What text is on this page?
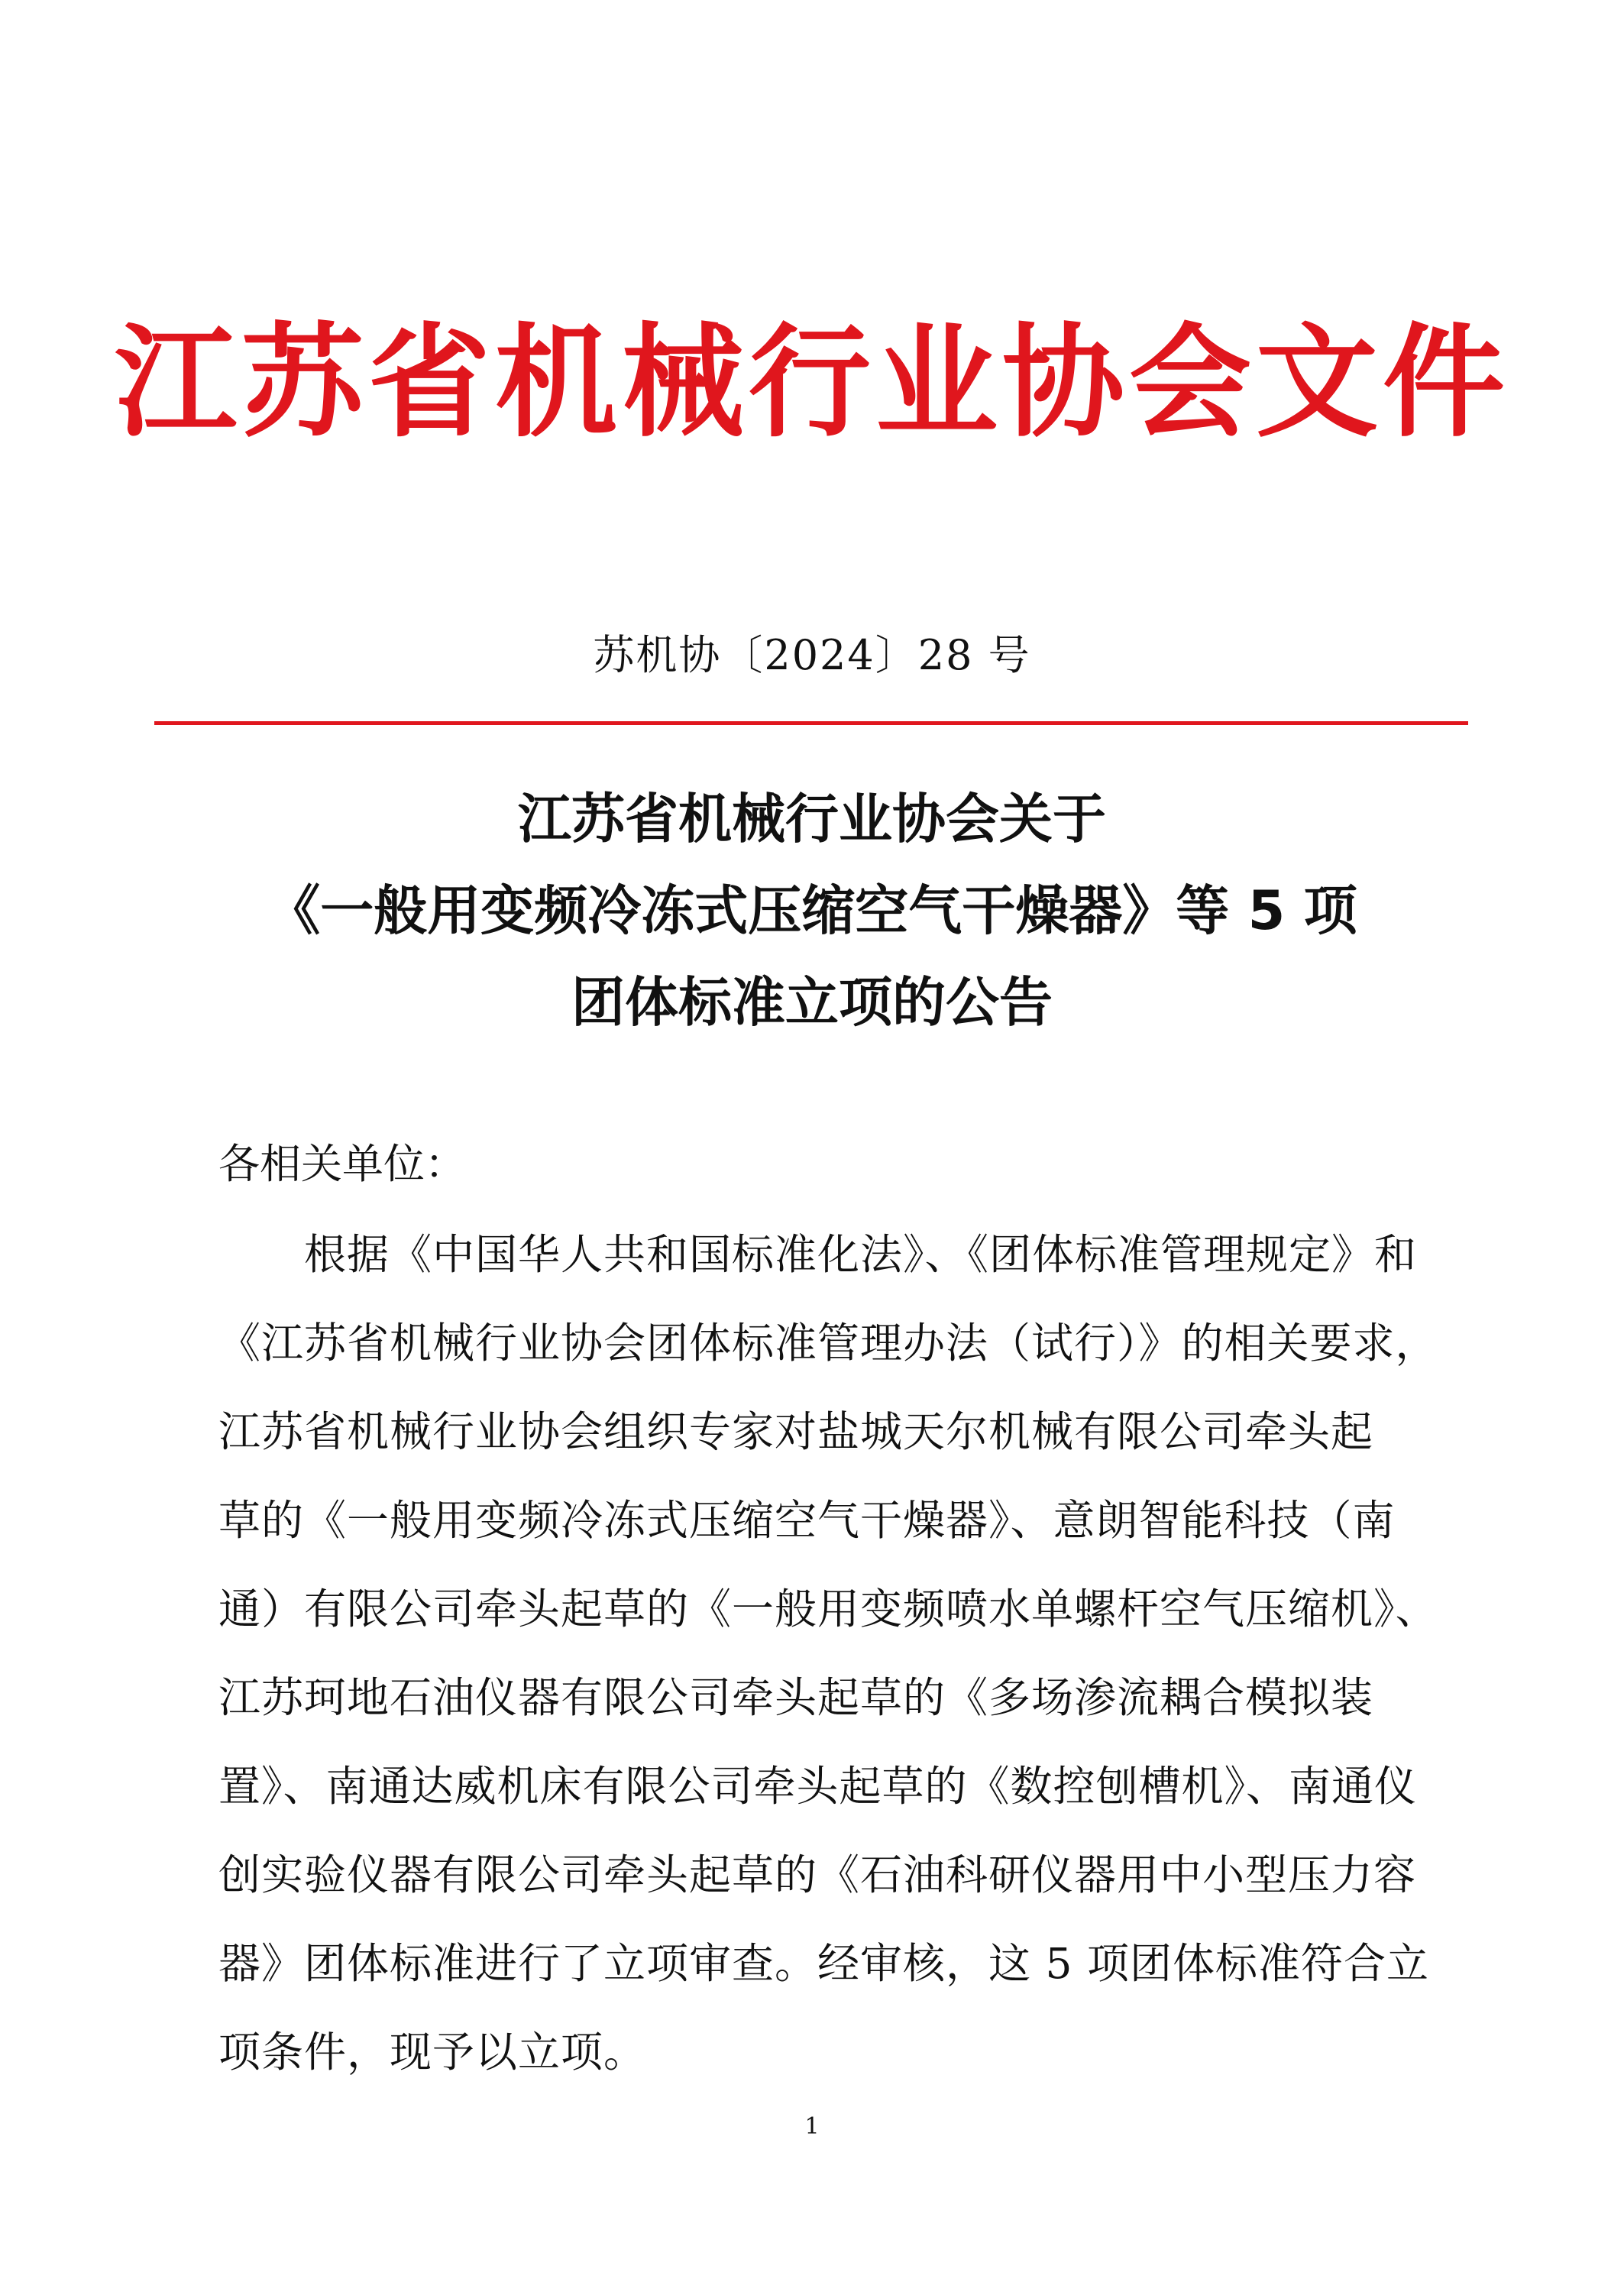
江苏省机械行业协会文件
苏机协〔2024〕28 号
江苏省机械行业协会关于
《一般用变频冷冻式压缩空气干燥器》等 5 项
团体标准立项的公告
各相关单位：
根据《中国华人共和国标准化法》、《团体标准管理规定》和
《江苏省机械行业协会团体标准管理办法（试行）》的相关要求，
江苏省机械行业协会组织专家对盐城天尔机械有限公司牵头起
草的《一般用变频冷冻式压缩空气干燥器》、意朗智能科技（南
通）有限公司牵头起草的《一般用变频喷水单螺杆空气压缩机》、
江苏珂地石油仪器有限公司牵头起草的《多场渗流耦合模拟装
置》、南通达威机床有限公司牵头起草的《数控刨槽机》、南通仪
创实验仪器有限公司牵头起草的《石油科研仪器用中小型压力容
器》团体标准进行了立项审查。经审核，这 5 项团体标准符合立
项条件，现予以立项。
1
